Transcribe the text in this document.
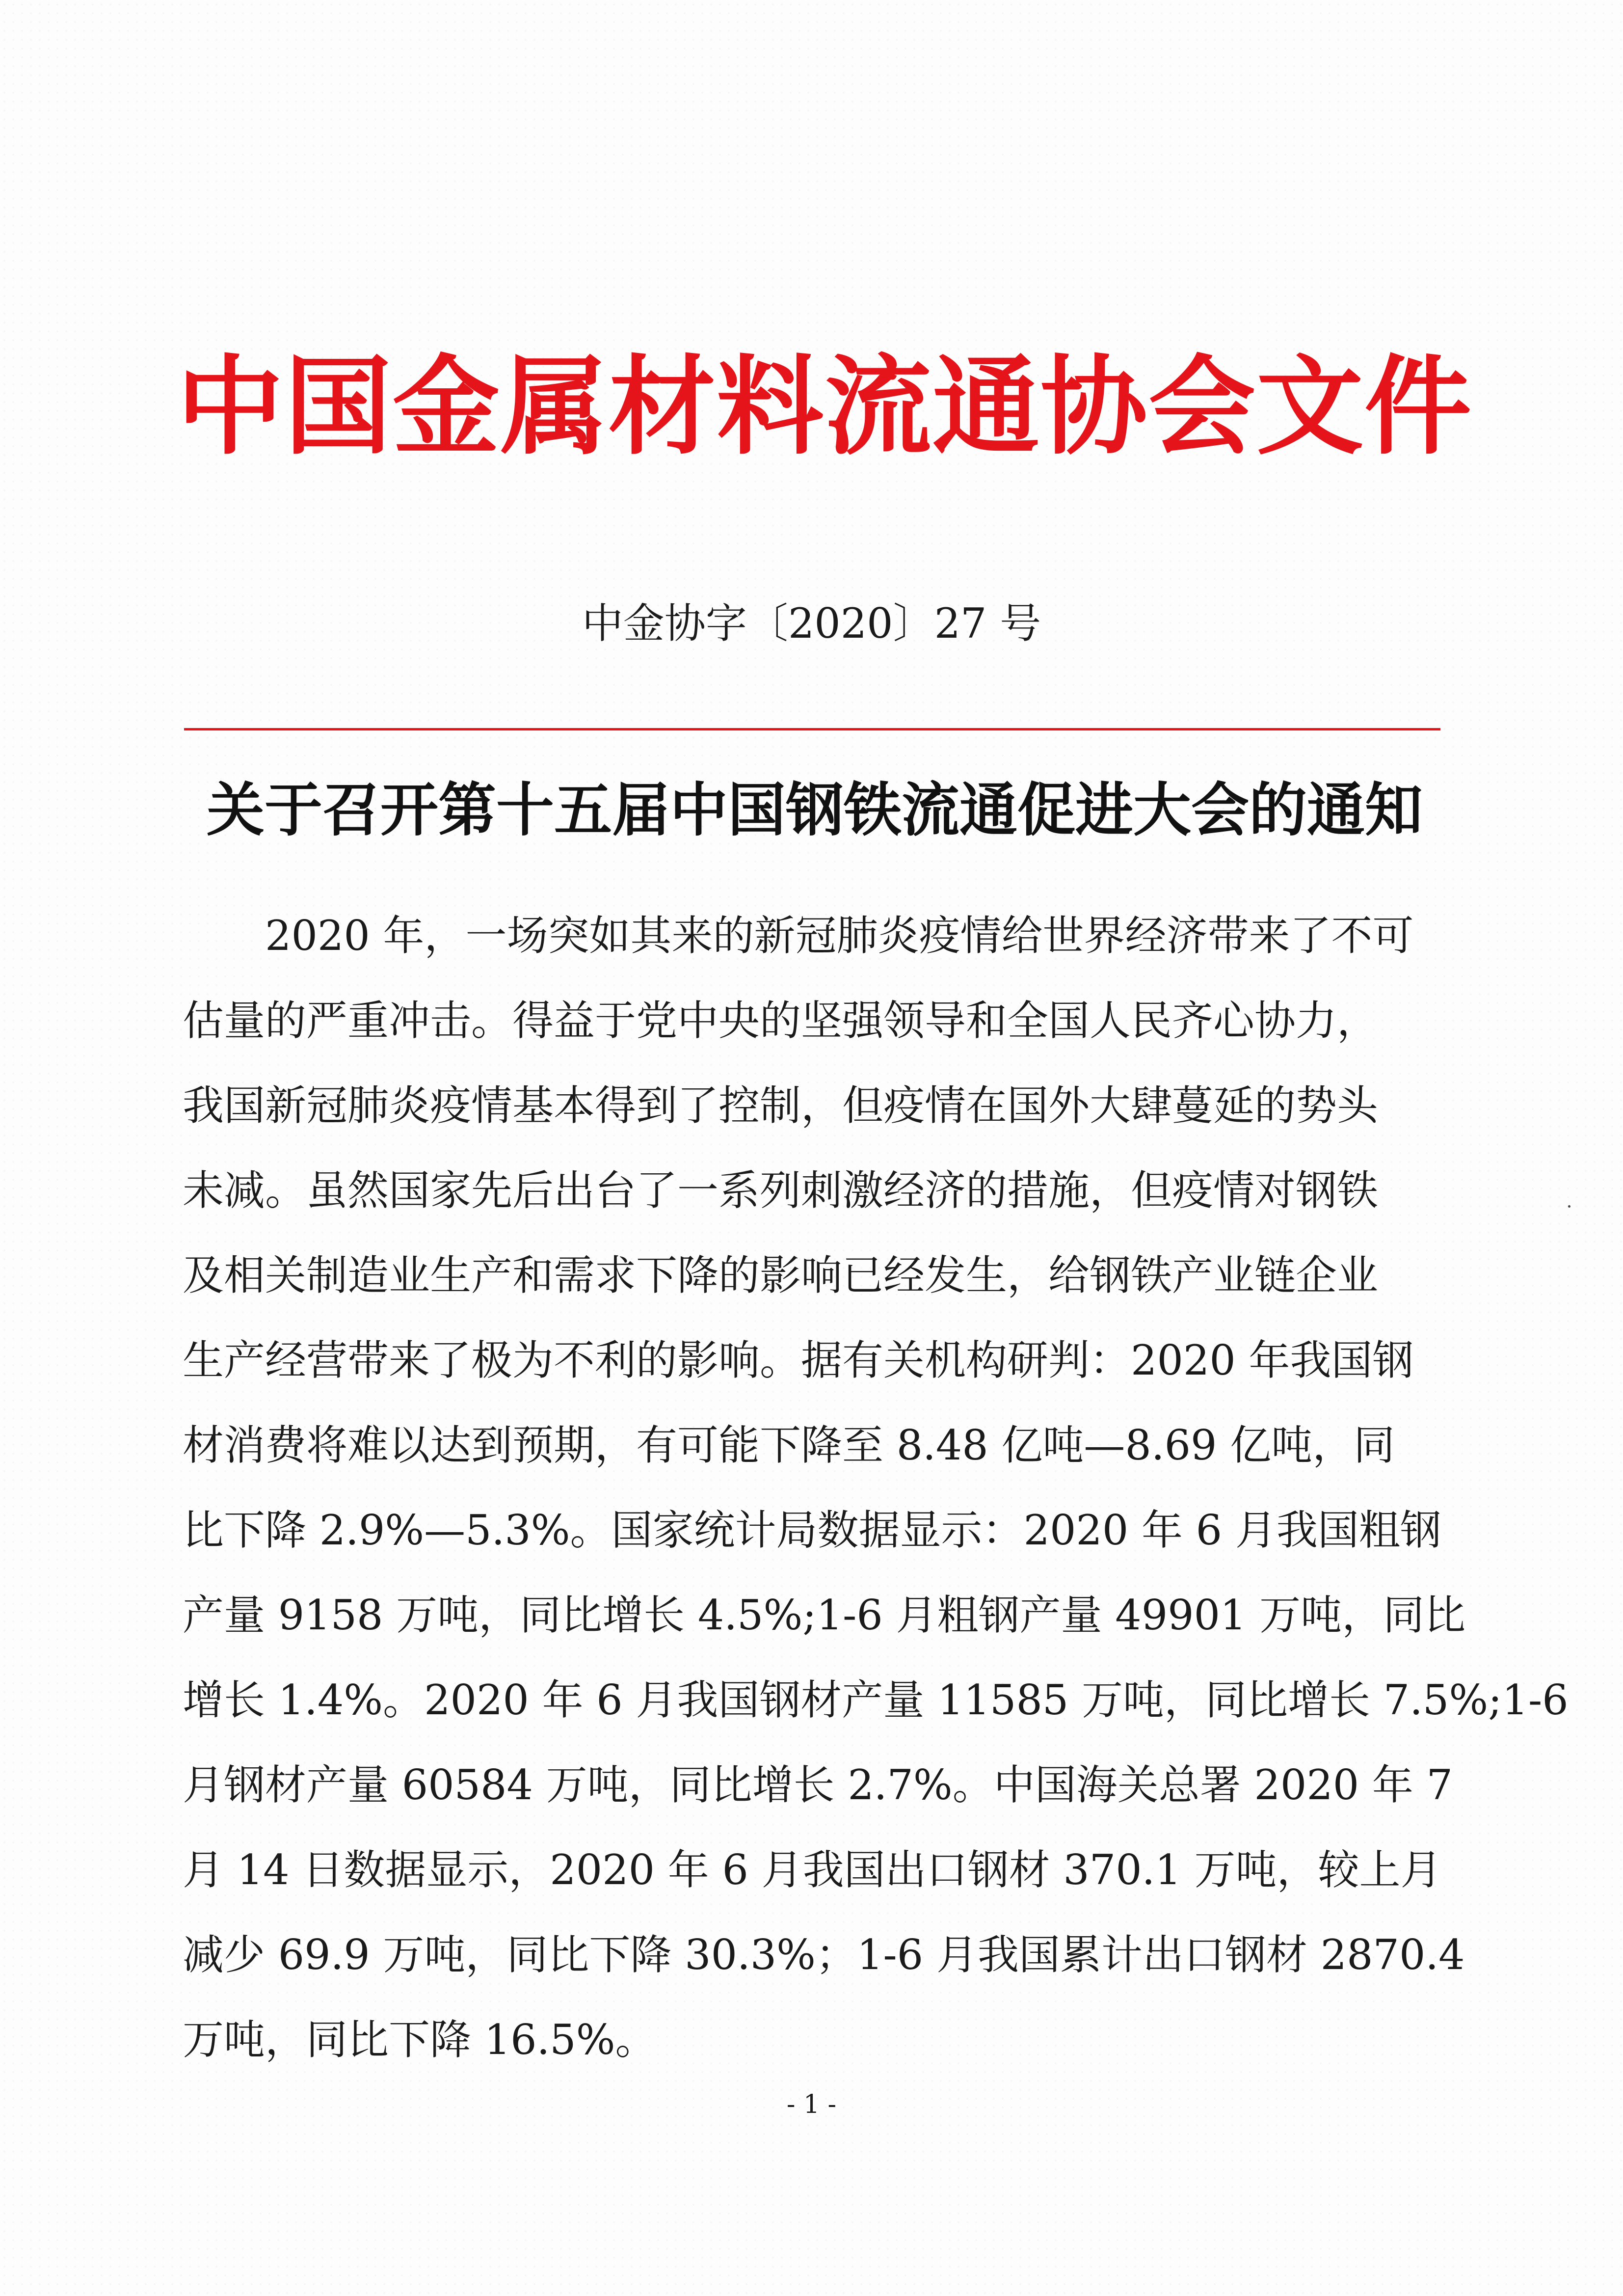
中国金属材料流通协会文件
中金协字〔2020〕27 号
关于召开第十五届中国钢铁流通促进大会的通知
2020 年，一场突如其来的新冠肺炎疫情给世界经济带来了不可
估量的严重冲击。得益于党中央的坚强领导和全国人民齐心协力，
我国新冠肺炎疫情基本得到了控制，但疫情在国外大肆蔓延的势头
未减。虽然国家先后出台了一系列刺激经济的措施，但疫情对钢铁
及相关制造业生产和需求下降的影响已经发生，给钢铁产业链企业
生产经营带来了极为不利的影响。据有关机构研判：2020 年我国钢
材消费将难以达到预期，有可能下降至 8.48 亿吨—8.69 亿吨，同
比下降 2.9%—5.3%。国家统计局数据显示：2020 年 6 月我国粗钢
产量 9158 万吨，同比增长 4.5%;1-6 月粗钢产量 49901 万吨，同比
增长 1.4%。2020 年 6 月我国钢材产量 11585 万吨，同比增长 7.5%;1-6
月钢材产量 60584 万吨，同比增长 2.7%。中国海关总署 2020 年 7
月 14 日数据显示，2020 年 6 月我国出口钢材 370.1 万吨，较上月
减少 69.9 万吨，同比下降 30.3%；1-6 月我国累计出口钢材 2870.4
万吨，同比下降 16.5%。
- 1 -
